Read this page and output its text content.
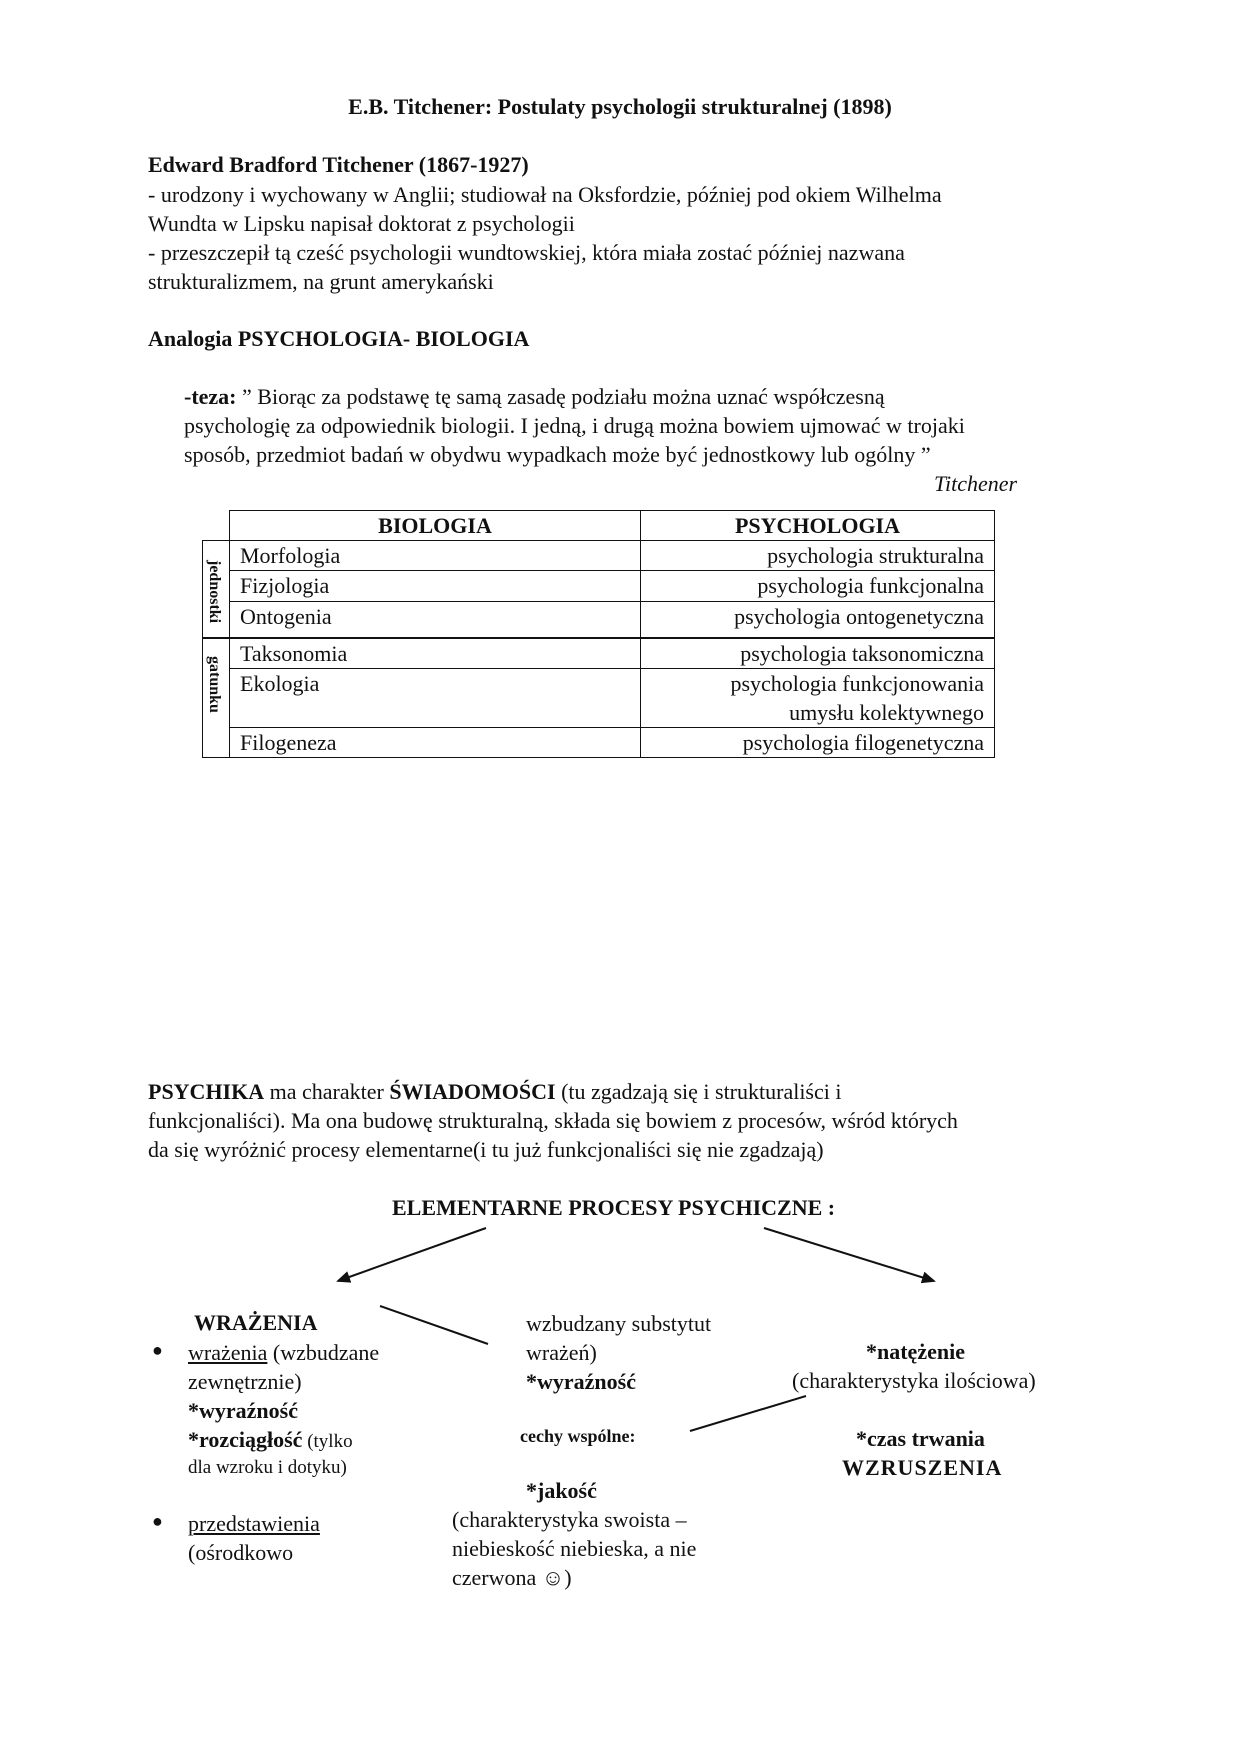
E.B. Titchener: Postulaty psychologii strukturalnej (1898)
Edward Bradford Titchener (1867-1927)
- urodzony i wychowany w Anglii; studiował na Oksfordzie, później pod okiem Wilhelma
Wundta w Lipsku napisał doktorat z psychologii
- przeszczepił tą cześć psychologii wundtowskiej, która miała zostać później nazwana
strukturalizmem, na grunt amerykański
Analogia PSYCHOLOGIA- BIOLOGIA
-teza: ” Biorąc za podstawę tę samą zasadę podziału można uznać współczesną
psychologię za odpowiednik biologii. I jedną, i drugą można bowiem ujmować w trojaki
sposób, przedmiot badań w obydwu wypadkach może być jednostkowy lub ogólny ”
Titchener
	BIOLOGIA	PSYCHOLOGIA

jednostki	Morfologia	psychologia strukturalna
	Fizjologia	psychologia funkcjonalna
	Ontogenia	psychologia ontogenetyczna

gatunku	Taksonomia	psychologia taksonomiczna
	Ekologia	psychologia funkcjonowania
umysłu kolektywnego

	Filogeneza	psychologia filogenetyczna
PSYCHIKA ma charakter ŚWIADOMOŚCI (tu zgadzają się i strukturaliści i
funkcjonaliści). Ma ona budowę strukturalną, składa się bowiem z procesów, wśród których
da się wyróżnić procesy elementarne(i tu już funkcjonaliści się nie zgadzają)
ELEMENTARNE PROCESY PSYCHICZNE :
WRAŻENIA
● wrażenia (wzbudzane
zewnętrznie)
*wyraźność
*rozciągłość (tylko
dla wzroku i dotyku)
● przedstawienia
(ośrodkowo
wzbudzany substytut
wrażeń)
*wyraźność
cechy wspólne:
*jakość
(charakterystyka swoista –
niebieskość niebieska, a nie
czerwona ☺)
*natężenie
(charakterystyka ilościowa)
*czas trwania
WZRUSZENIA
